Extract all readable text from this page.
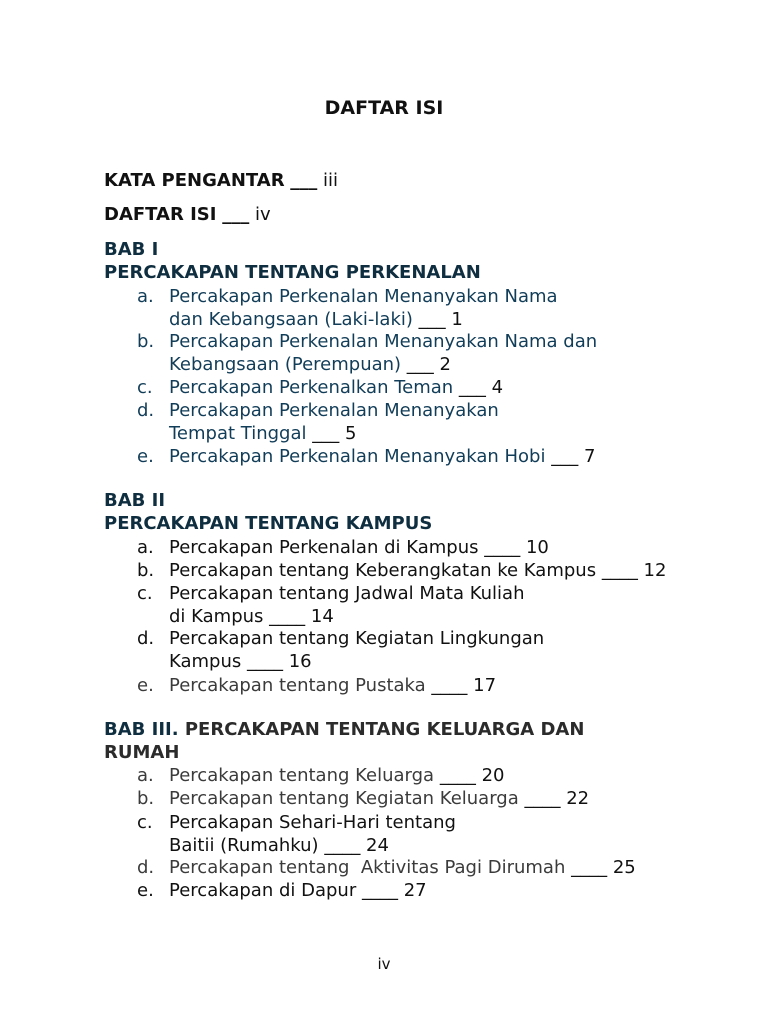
DAFTAR ISI
KATA PENGANTAR ___ iii
DAFTAR ISI ___ iv
BAB I
PERCAKAPAN TENTANG PERKENALAN
a. Percakapan Perkenalan Menanyakan Nama
dan Kebangsaan (Laki-laki) ___ 1
b. Percakapan Perkenalan Menanyakan Nama dan
Kebangsaan (Perempuan) ___ 2
c. Percakapan Perkenalkan Teman ___ 4
d. Percakapan Perkenalan Menanyakan
Tempat Tinggal ___ 5
e. Percakapan Perkenalan Menanyakan Hobi ___ 7
BAB II
PERCAKAPAN TENTANG KAMPUS
a. Percakapan Perkenalan di Kampus ____ 10
b. Percakapan tentang Keberangkatan ke Kampus ____ 12
c. Percakapan tentang Jadwal Mata Kuliah
di Kampus ____ 14
d. Percakapan tentang Kegiatan Lingkungan
Kampus ____ 16
e. Percakapan tentang Pustaka ____ 17
BAB III. PERCAKAPAN TENTANG KELUARGA DAN
RUMAH
a. Percakapan tentang Keluarga ____ 20
b. Percakapan tentang Kegiatan Keluarga ____ 22
c. Percakapan Sehari-Hari tentang
Baitii (Rumahku) ____ 24
d. Percakapan tentang  Aktivitas Pagi Dirumah ____ 25
e. Percakapan di Dapur ____ 27
iv
